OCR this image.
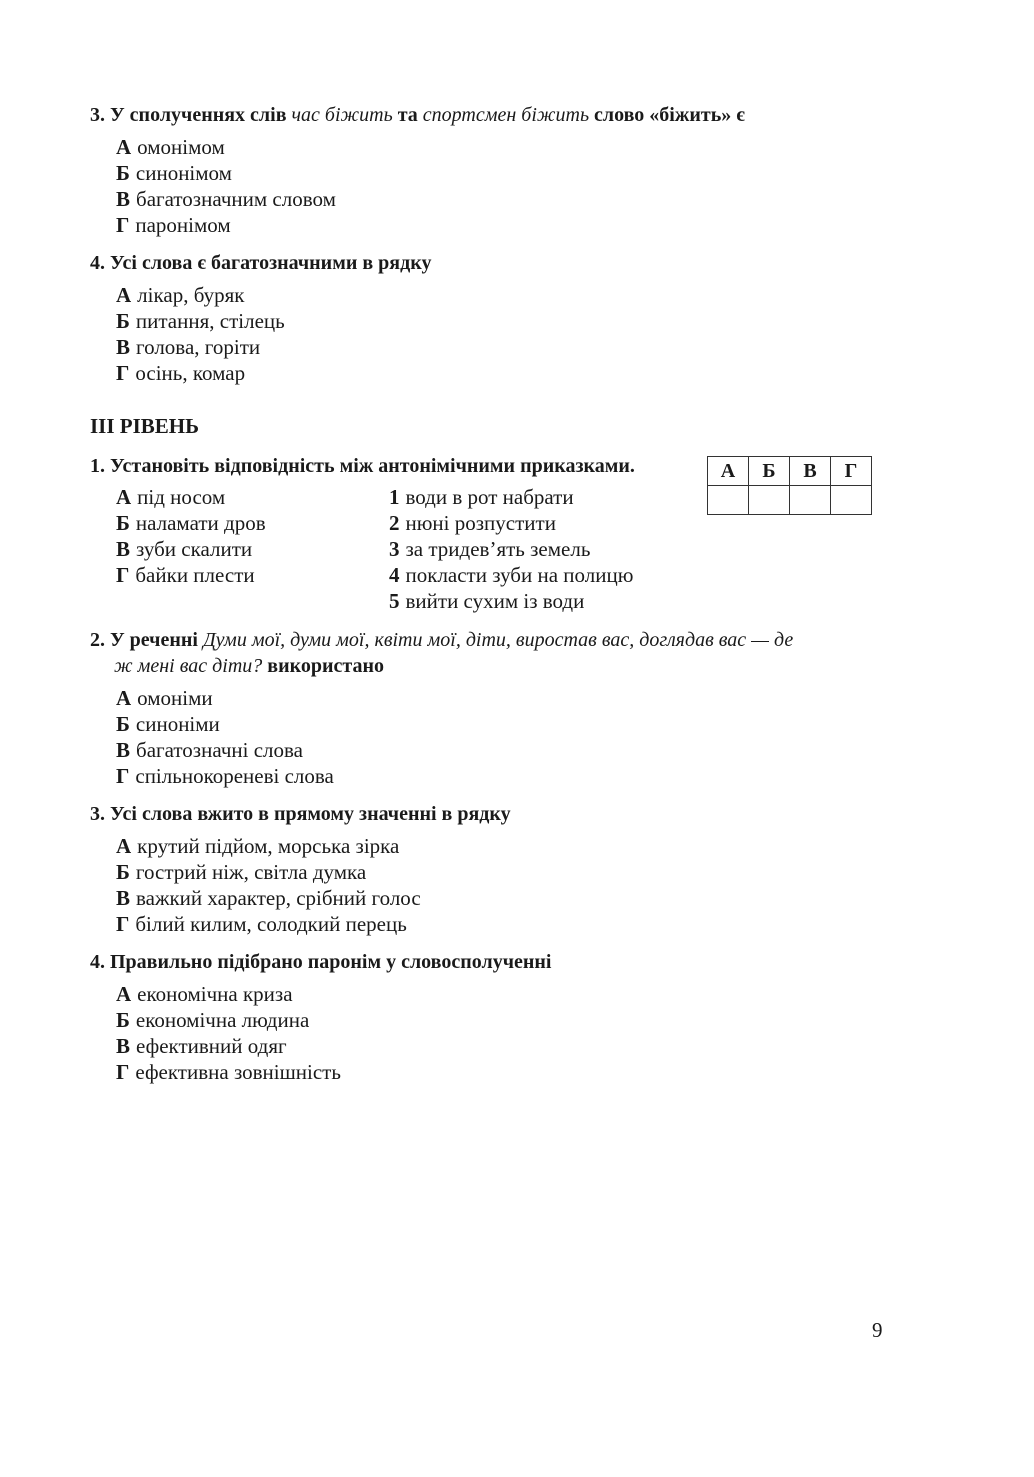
3. У сполученнях слів час біжить та спортсмен біжить слово «біжить» є
А омонімом
Б синонімом
В багатозначним словом
Г паронімом
4. Усі слова є багатозначними в рядку
А лікар, буряк
Б питання, стілець
В голова, горіти
Г осінь, комар
ІІІ РІВЕНЬ
1. Установіть відповідність між антонімічними приказками.
А під носом
Б наламати дров
В зуби скалити
Г байки плести
1 води в рот набрати
2 нюні розпустити
3 за тридев’ять земель
4 покласти зуби на полицю
5 вийти сухим із води
А	Б	В	Г

2. У реченні Думи мої, думи мої, квіти мої, діти, виростав вас, доглядав вас — де
ж мені вас діти? використано
А омоніми
Б синоніми
В багатозначні слова
Г спільнокореневі слова
3. Усі слова вжито в прямому значенні в рядку
А крутий підйом, морська зірка
Б гострий ніж, світла думка
В важкий характер, срібний голос
Г білий килим, солодкий перець
4. Правильно підібрано паронім у словосполученні
А економічна криза
Б економічна людина
В ефективний одяг
Г ефективна зовнішність
9
